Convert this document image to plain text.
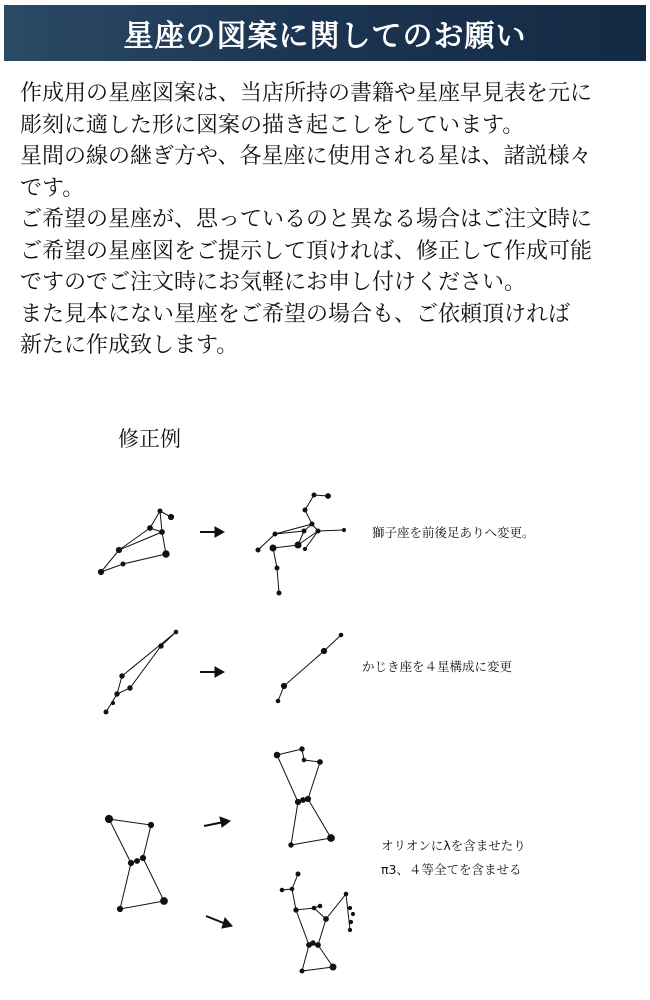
星座の図案に関してのお願い
作成用の星座図案は、当店所持の書籍や星座早見表を元に
彫刻に適した形に図案の描き起こしをしています。
星間の線の継ぎ方や、各星座に使用される星は、諸説様々
です。
ご希望の星座が、思っているのと異なる場合はご注文時に
ご希望の星座図をご提示して頂ければ、修正して作成可能
ですのでご注文時にお気軽にお申し付けください。
また見本にない星座をご希望の場合も、ご依頼頂ければ
新たに作成致します。
修正例
獅子座を前後足ありへ変更。
かじき座を４星構成に変更
オリオンにλを含ませたり
π3、４等全てを含ませる
